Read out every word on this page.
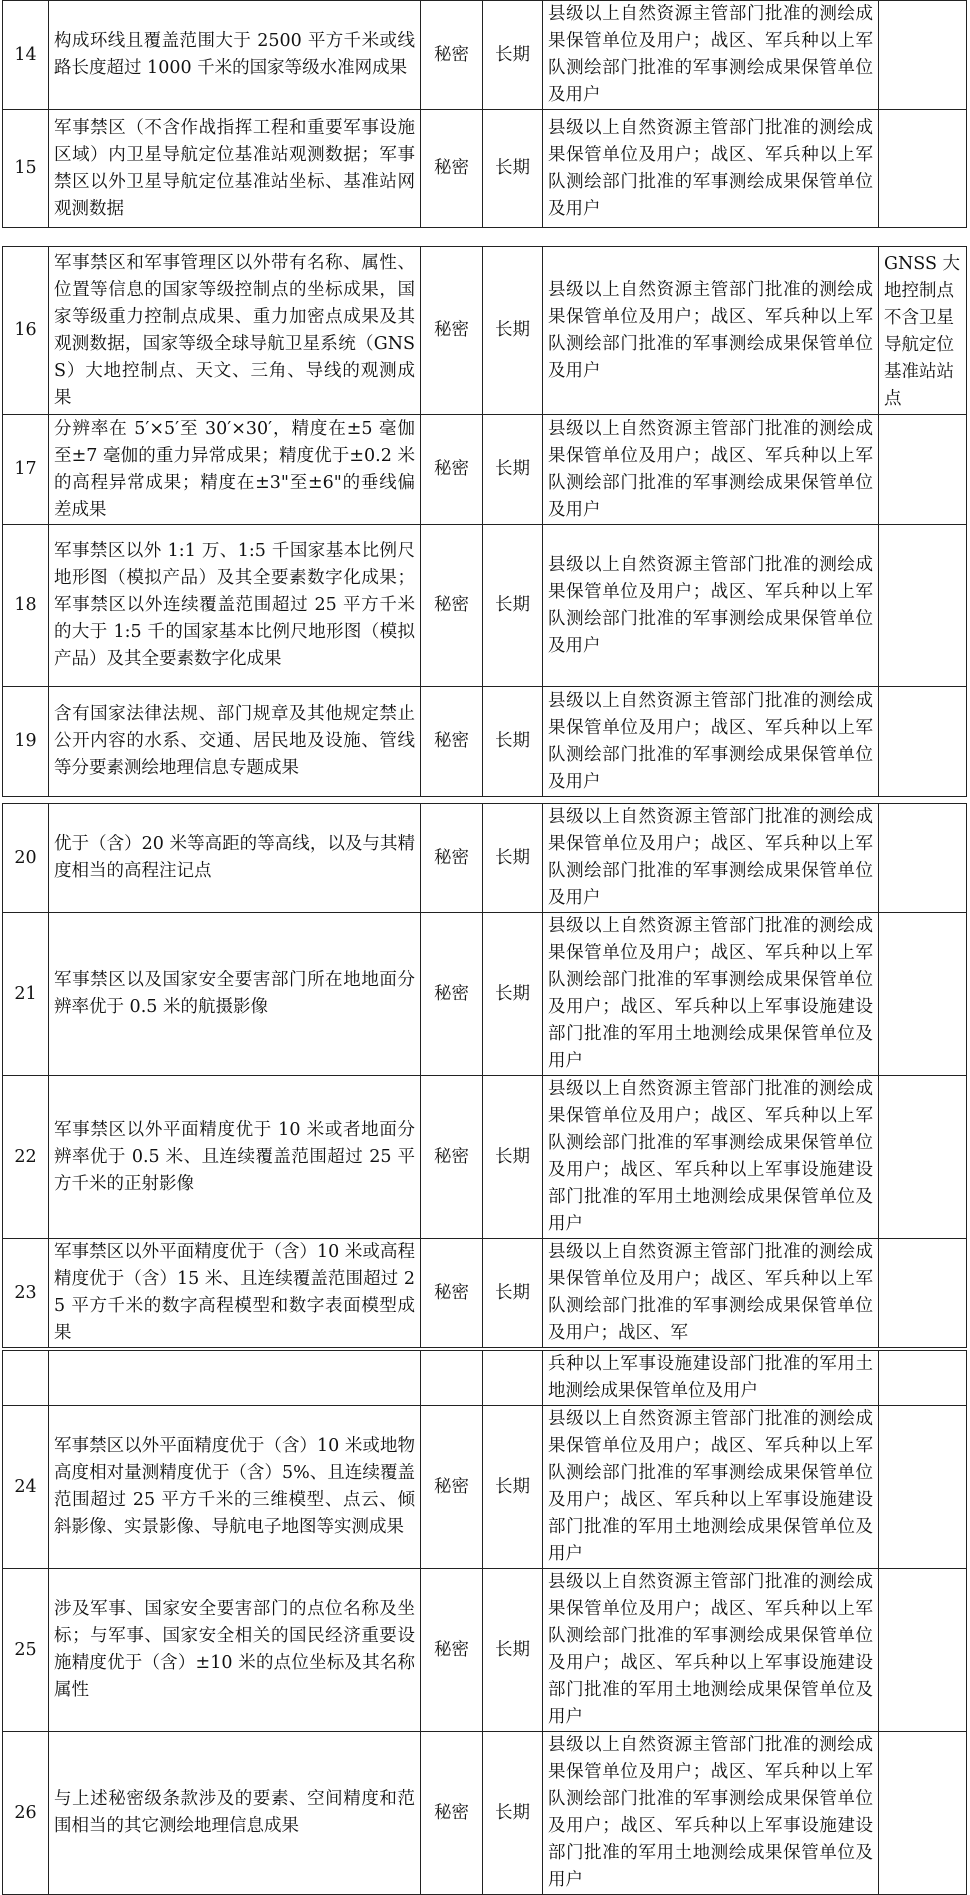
14	构成环线且覆盖范围大于 2500 平方千米或线路长度超过 1000 千米的国家等级水准网成果	秘密	长期	县级以上自然资源主管部门批准的测绘成果保管单位及用户；战区、军兵种以上军队测绘部门批准的军事测绘成果保管单位及用户	
15	军事禁区（不含作战指挥工程和重要军事设施区域）内卫星导航定位基准站观测数据；军事禁区以外卫星导航定位基准站坐标、基准站网观测数据	秘密	长期	县级以上自然资源主管部门批准的测绘成果保管单位及用户；战区、军兵种以上军队测绘部门批准的军事测绘成果保管单位及用户	
16	军事禁区和军事管理区以外带有名称、属性、位置等信息的国家等级控制点的坐标成果，国家等级重力控制点成果、重力加密点成果及其观测数据，国家等级全球导航卫星系统（GNSS）大地控制点、天文、三角、导线的观测成果	秘密	长期	县级以上自然资源主管部门批准的测绘成果保管单位及用户；战区、军兵种以上军队测绘部门批准的军事测绘成果保管单位及用户	GNSS 大地控制点不含卫星导航定位基准站站点
17	分辨率在 5′×5′至 30′×30′，精度在±5 毫伽至±7 毫伽的重力异常成果；精度优于±0.2 米的高程异常成果；精度在±3"至±6"的垂线偏差成果	秘密	长期	县级以上自然资源主管部门批准的测绘成果保管单位及用户；战区、军兵种以上军队测绘部门批准的军事测绘成果保管单位及用户	
18	军事禁区以外 1:1 万、1:5 千国家基本比例尺地形图（模拟产品）及其全要素数字化成果；军事禁区以外连续覆盖范围超过 25 平方千米的大于 1:5 千的国家基本比例尺地形图（模拟产品）及其全要素数字化成果	秘密	长期	县级以上自然资源主管部门批准的测绘成果保管单位及用户；战区、军兵种以上军队测绘部门批准的军事测绘成果保管单位及用户	
19	含有国家法律法规、部门规章及其他规定禁止公开内容的水系、交通、居民地及设施、管线等分要素测绘地理信息专题成果	秘密	长期	县级以上自然资源主管部门批准的测绘成果保管单位及用户；战区、军兵种以上军队测绘部门批准的军事测绘成果保管单位及用户	
20	优于（含）20 米等高距的等高线，以及与其精度相当的高程注记点	秘密	长期	县级以上自然资源主管部门批准的测绘成果保管单位及用户；战区、军兵种以上军队测绘部门批准的军事测绘成果保管单位及用户	
21	军事禁区以及国家安全要害部门所在地地面分辨率优于 0.5 米的航摄影像	秘密	长期	县级以上自然资源主管部门批准的测绘成果保管单位及用户；战区、军兵种以上军队测绘部门批准的军事测绘成果保管单位及用户；战区、军兵种以上军事设施建设部门批准的军用土地测绘成果保管单位及用户	
22	军事禁区以外平面精度优于 10 米或者地面分辨率优于 0.5 米、且连续覆盖范围超过 25 平方千米的正射影像	秘密	长期	县级以上自然资源主管部门批准的测绘成果保管单位及用户；战区、军兵种以上军队测绘部门批准的军事测绘成果保管单位及用户；战区、军兵种以上军事设施建设部门批准的军用土地测绘成果保管单位及用户	
23	军事禁区以外平面精度优于（含）10 米或高程精度优于（含）15 米、且连续覆盖范围超过 25 平方千米的数字高程模型和数字表面模型成果	秘密	长期	县级以上自然资源主管部门批准的测绘成果保管单位及用户；战区、军兵种以上军队测绘部门批准的军事测绘成果保管单位及用户；战区、军	
				兵种以上军事设施建设部门批准的军用土地测绘成果保管单位及用户	
24	军事禁区以外平面精度优于（含）10 米或地物高度相对量测精度优于（含）5%、且连续覆盖范围超过 25 平方千米的三维模型、点云、倾斜影像、实景影像、导航电子地图等实测成果	秘密	长期	县级以上自然资源主管部门批准的测绘成果保管单位及用户；战区、军兵种以上军队测绘部门批准的军事测绘成果保管单位及用户；战区、军兵种以上军事设施建设部门批准的军用土地测绘成果保管单位及用户	
25	涉及军事、国家安全要害部门的点位名称及坐标；与军事、国家安全相关的国民经济重要设施精度优于（含）±10 米的点位坐标及其名称属性	秘密	长期	县级以上自然资源主管部门批准的测绘成果保管单位及用户；战区、军兵种以上军队测绘部门批准的军事测绘成果保管单位及用户；战区、军兵种以上军事设施建设部门批准的军用土地测绘成果保管单位及用户	
26	与上述秘密级条款涉及的要素、空间精度和范围相当的其它测绘地理信息成果	秘密	长期	县级以上自然资源主管部门批准的测绘成果保管单位及用户；战区、军兵种以上军队测绘部门批准的军事测绘成果保管单位及用户；战区、军兵种以上军事设施建设部门批准的军用土地测绘成果保管单位及用户	
